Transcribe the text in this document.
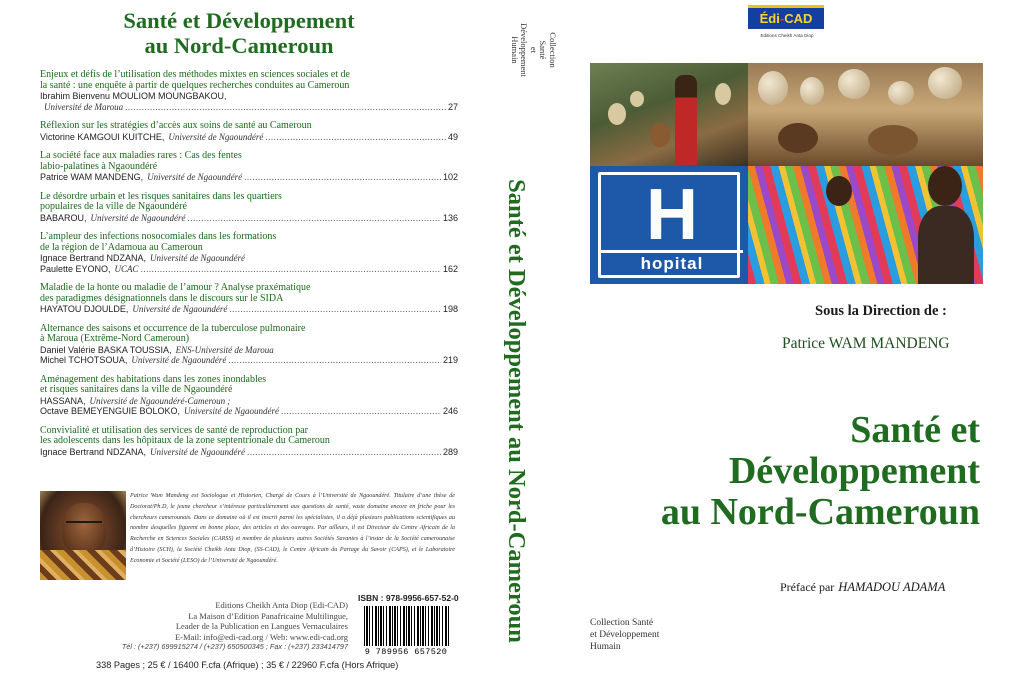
Santé et Développement
au Nord-Cameroun
Enjeux et défis de l’utilisation des méthodes mixtes en sciences sociales et de
la santé : une enquête à partir de quelques recherches conduites au Cameroun
Ibrahim Bienvenu MOULIOM MOUNGBAKOU,
Université de Maroua .....	27
Réflexion sur les stratégies d’accès aux soins de santé au Cameroun
Victorine KAMGOUI KUITCHE, Université de Ngaoundéré .....	49
La société face aux maladies rares : Cas des fentes
labio-palatines à Ngaoundéré
Patrice WAM MANDENG, Université de Ngaoundéré .....	102
Le désordre urbain et les risques sanitaires dans les quartiers
populaires de la ville de Ngaoundéré
BABAROU, Université de Ngaoundéré .....	136
L’ampleur des infections nosocomiales dans les formations
de la région de l’Adamoua au Cameroun
Ignace Bertrand NDZANA, Université de Ngaoundéré
Paulette EYONO, UCAC .....	162
Maladie de la honte ou maladie de l’amour ? Analyse praxématique
des paradigmes désignationnels dans le discours sur le SIDA
HAYATOU DJOULDE, Université de Ngaoundéré .....	198
Alternance des saisons et occurrence de la tuberculose pulmonaire
à Maroua (Extrême-Nord Cameroun)
Daniel Valérie BASKA TOUSSIA, ENS-Université de Maroua
Michel TCHOTSOUA, Université de Ngaoundéré .....	219
Aménagement des habitations dans les zones inondables
et risques sanitaires dans la ville de Ngaoundéré
HASSANA, Université de Ngaoundéré-Cameroun ;
Octave BEMEYENGUIE BOLOKO, Université de Ngaoundéré .....	246
Convivialité et utilisation des services de santé de reproduction par
les adolescents dans les hôpitaux de la zone septentrionale du Cameroun
Ignace Bertrand NDZANA, Université de Ngaoundéré .....	289
Patrice Wam Mandeng est Sociologue et Historien, Chargé de Cours à l’Université de Ngaoundéré. Titulaire d’une thèse de Doctorat/Ph.D, le jeune chercheur s’intéresse particulièrement aux questions de santé, vaste domaine encore en friche pour les chercheurs camerounais. Dans ce domaine où il est inscrit parmi les spécialistes, il a déjà plusieurs publications scientifiques au nombre desquelles figurent en bonne place, des articles et des ouvrages. Par ailleurs, il est Directeur du Centre Africain de la Recherche en Sciences Sociales (CARSS) et membre de plusieurs autres Sociétés Savantes à l’instar de la Société camerounaise d’Histoire (SCH), la Société Cheikh Anta Diop, (SS-CAD), le Centre Africain du Partage du Savoir (CAPS), et le Laboratoire Economie et Société (LESO) de l’Université de Ngaoundéré.
Editions Cheikh Anta Diop (Edi-CAD)
La Maison d’Edition Panafricaine Multilingue,
Leader de la Publication en Langues Vernaculaires
E-Mail: info@edi-cad.org / Web: www.edi-cad.org
Tél : (+237) 699915274 / (+237) 650500345 ; Fax : (+237) 233414797
ISBN : 978-9956-657-52-0
9 789956 657520
338 Pages ; 25 € / 16400 F.cfa (Afrique) ; 35 € / 22960 F.cfa (Hors Afrique)
Collection Santé
et Développement
Humain
Santé et Développement au Nord-Cameroun
Édi-CAD
Editions Cheikh Anta Diop
H
hopital
Sous la Direction de :
Patrice WAM MANDENG
Santé et
Développement
au Nord-Cameroun
Préfacé par HAMADOU ADAMA
Collection Santé
et Développement
Humain
